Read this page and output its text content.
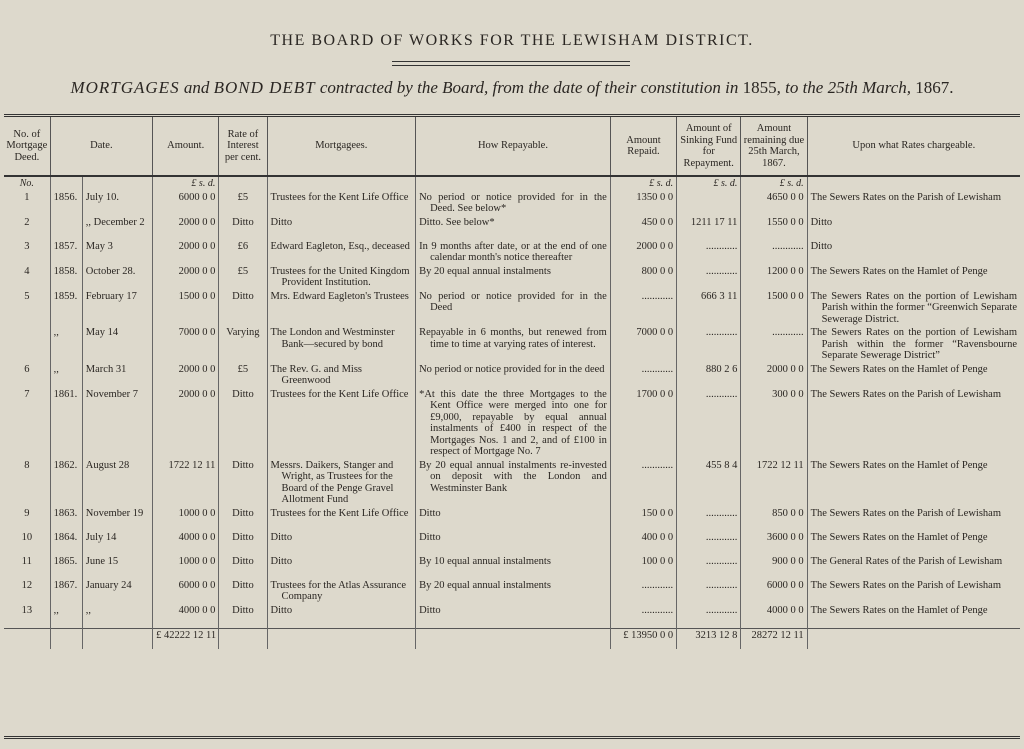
THE BOARD OF WORKS FOR THE LEWISHAM DISTRICT.
MORTGAGES and BOND DEBT contracted by the Board, from the date of their constitution in 1855, to the 25th March, 1867.
No. of Mortgage Deed.	Date.		Amount.	Rate of Interest per cent.	Mortgagees.	How Repayable.	Amount Repaid.	Amount of Sinking Fund for Repayment.	Amount remaining due 25th March, 1867.	Upon what Rates chargeable.
No.			£ s. d.				£ s. d.	£ s. d.	£ s. d.	
1	1856.	July 10.	6000 0 0	£5	Trustees for the Kent Life Office	No period or notice provided for in the Deed. See below*	1350 0 0		4650 0 0	The Sewers Rates on the Parish of Lewisham
2		,, December 2	2000 0 0	Ditto	Ditto	Ditto. See below*	450 0 0	1211 17 11	1550 0 0	Ditto
3	1857.	May 3	2000 0 0	£6	Edward Eagleton, Esq., deceased	In 9 months after date, or at the end of one calendar month's notice thereafter	2000 0 0	............	............	Ditto
4	1858.	October 28.	2000 0 0	£5	Trustees for the United Kingdom Provident Institution.	By 20 equal annual instalments	800 0 0	............	1200 0 0	The Sewers Rates on the Hamlet of Penge
5	1859.	February 17	1500 0 0	Ditto	Mrs. Edward Eagleton's Trustees	No period or notice provided for in the Deed	............	666 3 11	1500 0 0	The Sewers Rates on the portion of Lewisham Parish within the former “Greenwich Separate Sewerage District.
	,,	May 14	7000 0 0	Varying	The London and Westminster Bank—secured by bond	Repayable in 6 months, but renewed from time to time at varying rates of interest.	7000 0 0	............	............	The Sewers Rates on the portion of Lewisham Parish within the former “Ravensbourne Separate Sewerage District”
6	,,	March 31	2000 0 0	£5	The Rev. G. and Miss Greenwood	No period or notice provided for in the deed	............	880 2 6	2000 0 0	The Sewers Rates on the Hamlet of Penge
7	1861.	November 7	2000 0 0	Ditto	Trustees for the Kent Life Office	*At this date the three Mortgages to the Kent Office were merged into one for £9,000, repayable by equal annual instalments of £400 in respect of the Mortgages Nos. 1 and 2, and of £100 in respect of Mortgage No. 7	1700 0 0	............	300 0 0	The Sewers Rates on the Parish of Lewisham
8	1862.	August 28	1722 12 11	Ditto	Messrs. Daikers, Stanger and Wright, as Trustees for the Board of the Penge Gravel Allotment Fund	By 20 equal annual instalments re-invested on deposit with the London and Westminster Bank	............	455 8 4	1722 12 11	The Sewers Rates on the Hamlet of Penge
9	1863.	November 19	1000 0 0	Ditto	Trustees for the Kent Life Office	Ditto	150 0 0	............	850 0 0	The Sewers Rates on the Parish of Lewisham
10	1864.	July 14	4000 0 0	Ditto	Ditto	Ditto	400 0 0	............	3600 0 0	The Sewers Rates on the Hamlet of Penge
11	1865.	June 15	1000 0 0	Ditto	Ditto	By 10 equal annual instalments	100 0 0	............	900 0 0	The General Rates of the Parish of Lewisham
12	1867.	January 24	6000 0 0	Ditto	Trustees for the Atlas Assurance Company	By 20 equal annual instalments	............	............	6000 0 0	The Sewers Rates on the Parish of Lewisham
13	,,	,,	4000 0 0	Ditto	Ditto	Ditto	............	............	4000 0 0	The Sewers Rates on the Hamlet of Penge
			£ 42222 12 11				£ 13950 0 0	3213 12 8	28272 12 11	
